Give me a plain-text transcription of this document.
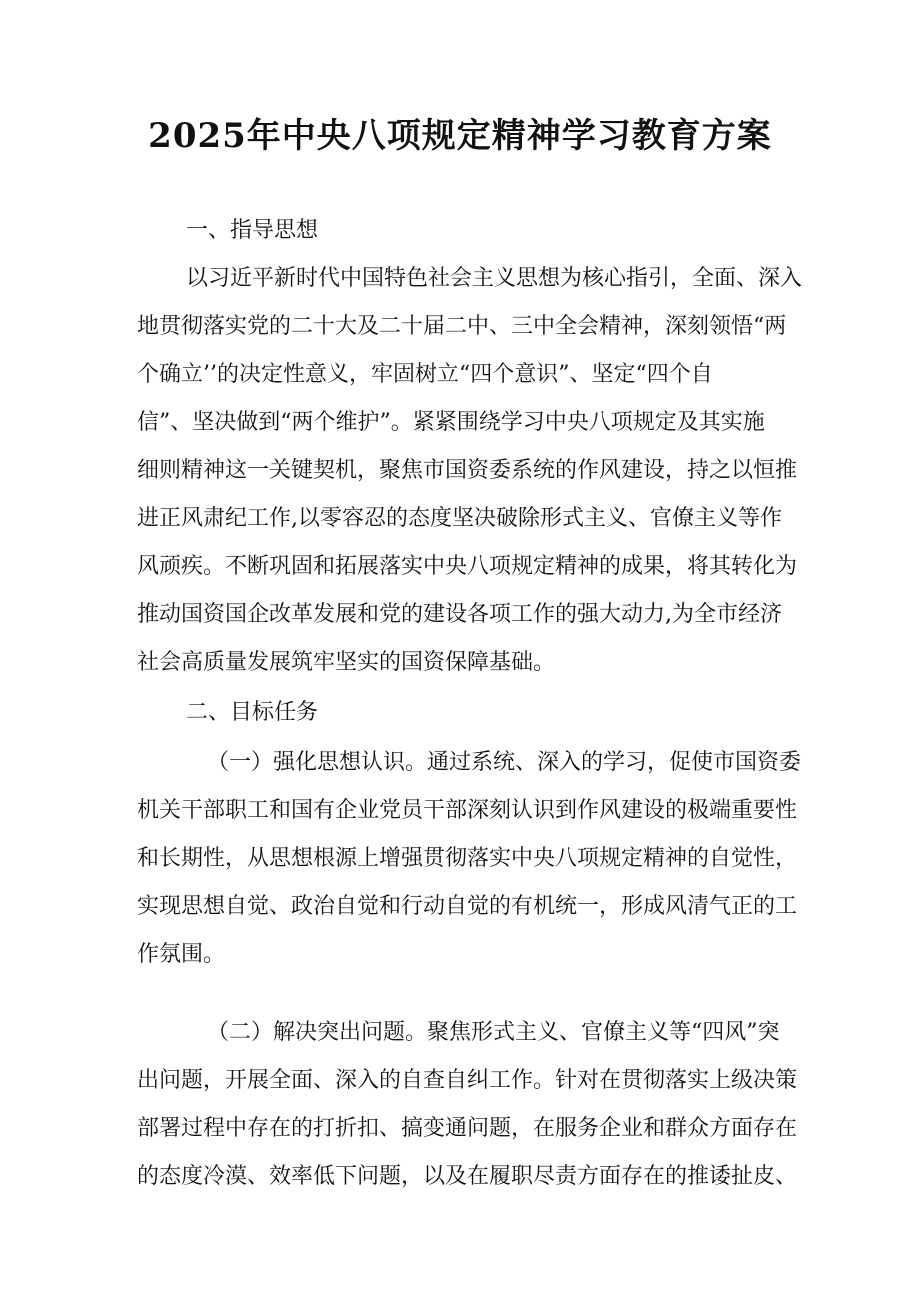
2025年中央八项规定精神学习教育方案
一、指导思想
以习近平新时代中国特色社会主义思想为核心指引，全面、深入
地贯彻落实党的二十大及二十届二中、三中全会精神，深刻领悟“两
个确立’’的决定性意义，牢固树立“四个意识”、坚定“四个自
信”、坚决做到“两个维护”。紧紧围绕学习中央八项规定及其实施
细则精神这一关键契机，聚焦市国资委系统的作风建设，持之以恒推
进正风肃纪工作,以零容忍的态度坚决破除形式主义、官僚主义等作
风顽疾。不断巩固和拓展落实中央八项规定精神的成果，将其转化为
推动国资国企改革发展和党的建设各项工作的强大动力,为全市经济
社会高质量发展筑牢坚实的国资保障基础。
二、目标任务
（一）强化思想认识。通过系统、深入的学习，促使市国资委
机关干部职工和国有企业党员干部深刻认识到作风建设的极端重要性
和长期性，从思想根源上增强贯彻落实中央八项规定精神的自觉性，
实现思想自觉、政治自觉和行动自觉的有机统一，形成风清气正的工
作氛围。
（二）解决突出问题。聚焦形式主义、官僚主义等“四风”突
出问题，开展全面、深入的自查自纠工作。针对在贯彻落实上级决策
部署过程中存在的打折扣、搞变通问题，在服务企业和群众方面存在
的态度冷漠、效率低下问题，以及在履职尽责方面存在的推诿扯皮、
